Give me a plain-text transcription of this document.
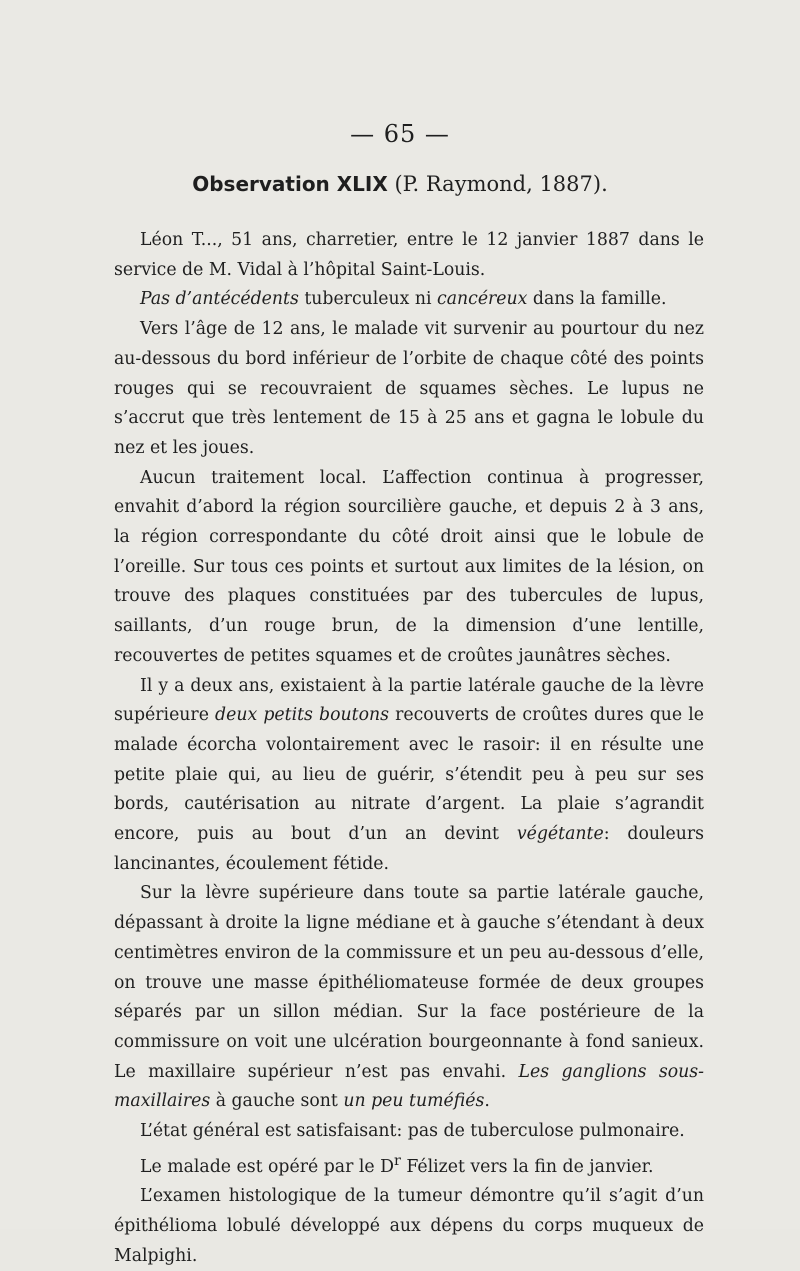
— 65 —
Observation XLIX (P. Raymond, 1887).

Léon T..., 51 ans, charretier, entre le 12 janvier 1887 dans le service de M. Vidal à l’hôpital Saint-Louis.

Pas d’antécédents tuberculeux ni cancéreux dans la famille.

Vers l’âge de 12 ans, le malade vit survenir au pourtour du nez au-dessous du bord inférieur de l’orbite de chaque côté des points rouges qui se recouvraient de squames sèches. Le lupus ne s’accrut que très lentement de 15 à 25 ans et gagna le lobule du nez et les joues.

Aucun traitement local. L’affection continua à progresser, envahit d’abord la région sourcilière gauche, et depuis 2 à 3 ans, la région correspondante du côté droit ainsi que le lobule de l’oreille. Sur tous ces points et surtout aux limites de la lésion, on trouve des plaques constituées par des tubercules de lupus, saillants, d’un rouge brun, de la dimension d’une lentille, recouvertes de petites squames et de croûtes jaunâtres sèches.

Il y a deux ans, existaient à la partie latérale gauche de la lèvre supérieure deux petits boutons recouverts de croûtes dures que le malade écorcha volontairement avec le rasoir: il en résulte une petite plaie qui, au lieu de guérir, s’étendit peu à peu sur ses bords, cautérisation au nitrate d’argent. La plaie s’agrandit encore, puis au bout d’un an devint végétante: douleurs lancinantes, écoulement fétide.

Sur la lèvre supérieure dans toute sa partie latérale gauche, dépassant à droite la ligne médiane et à gauche s’étendant à deux centimètres environ de la commissure et un peu au-dessous d’elle, on trouve une masse épithéliomateuse formée de deux groupes séparés par un sillon médian. Sur la face postérieure de la commissure on voit une ulcération bourgeonnante à fond sanieux. Le maxillaire supérieur n’est pas envahi. Les ganglions sous-maxillaires à gauche sont un peu tuméfiés.

L’état général est satisfaisant: pas de tuberculose pulmonaire.

Le malade est opéré par le $D^r$ Félizet vers la fin de janvier.

L’examen histologique de la tumeur démontre qu’il s’agit d’un épithélioma lobulé développé aux dépens du corps muqueux de Malpighi.
